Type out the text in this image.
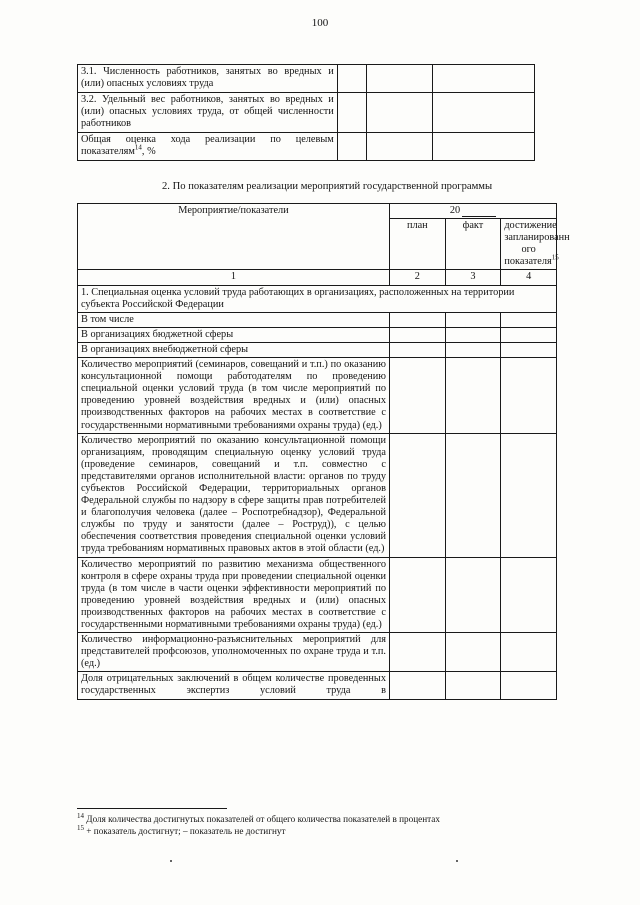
100
3.1. Численность работников, занятых во вредных и (или) опасных условиях труда			
3.2. Удельный вес работников, занятых во вредных и (или) опасных условиях труда, от общей численности работников			
Общая оценка хода реализации по целевым показателям$^{14}$, %			
2. По показателям реализации мероприятий государственной программы
Мероприятие/показатели	20		
	план	факт	достижение запланированн ого показателя$^{15}$
1	2	3	4
1. Специальная оценка условий труда работающих в организациях, расположенных на территории субъекта Российской Федерации			
В том числе			
В организациях бюджетной сферы			
В организациях внебюджетной сферы			
Количество мероприятий (семинаров, совещаний и т.п.) по оказанию консультационной помощи работодателям по проведению специальной оценки условий труда (в том числе мероприятий по проведению уровней воздействия вредных и (или) опасных производственных факторов на рабочих местах в соответствие с государственными нормативными требованиями охраны труда) (ед.)			
Количество мероприятий по оказанию консультационной помощи организациям, проводящим специальную оценку условий труда (проведение семинаров, совещаний и т.п. совместно с представителями органов исполнительной власти: органов по труду субъектов Российской Федерации, территориальных органов Федеральной службы по надзору в сфере защиты прав потребителей и благополучия человека (далее – Роспотребнадзор), Федеральной службы по труду и занятости (далее – Роструд)), с целью обеспечения соответствия проведения специальной оценки условий труда требованиям нормативных правовых актов в этой области (ед.)			
Количество мероприятий по развитию механизма общественного контроля в сфере охраны труда при проведении специальной оценки труда (в том числе в части оценки эффективности мероприятий по проведению уровней воздействия вредных и (или) опасных производственных факторов на рабочих местах в соответствие с государственными нормативными требованиями охраны труда) (ед.)			
Количество информационно-разъяснительных мероприятий для представителей профсоюзов, уполномоченных по охране труда и т.п. (ед.)			
Доля отрицательных заключений в общем количестве проведенных государственных экспертиз условий труда в			
$^{14}$ Доля количества достигнутых показателей от общего количества показателей в процентах
$^{15}$ + показатель достигнут; – показатель не достигнут
